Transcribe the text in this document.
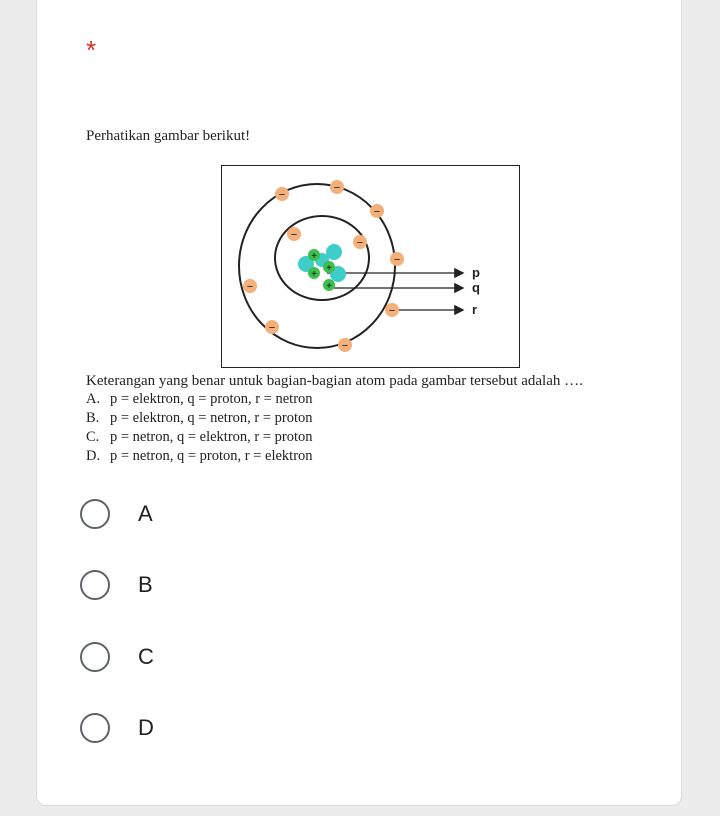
*
Perhatikan gambar berikut!
p
q
r
+
+
+
+
−
−
−
−
−
−
−
−
−
−
Keterangan yang benar untuk bagian-bagian atom pada gambar tersebut adalah ….
A. p = elektron, q = proton, r = netron
B. p = elektron, q = netron, r = proton
C. p = netron, q = elektron, r = proton
D. p = netron, q = proton, r = elektron
A
B
C
D
